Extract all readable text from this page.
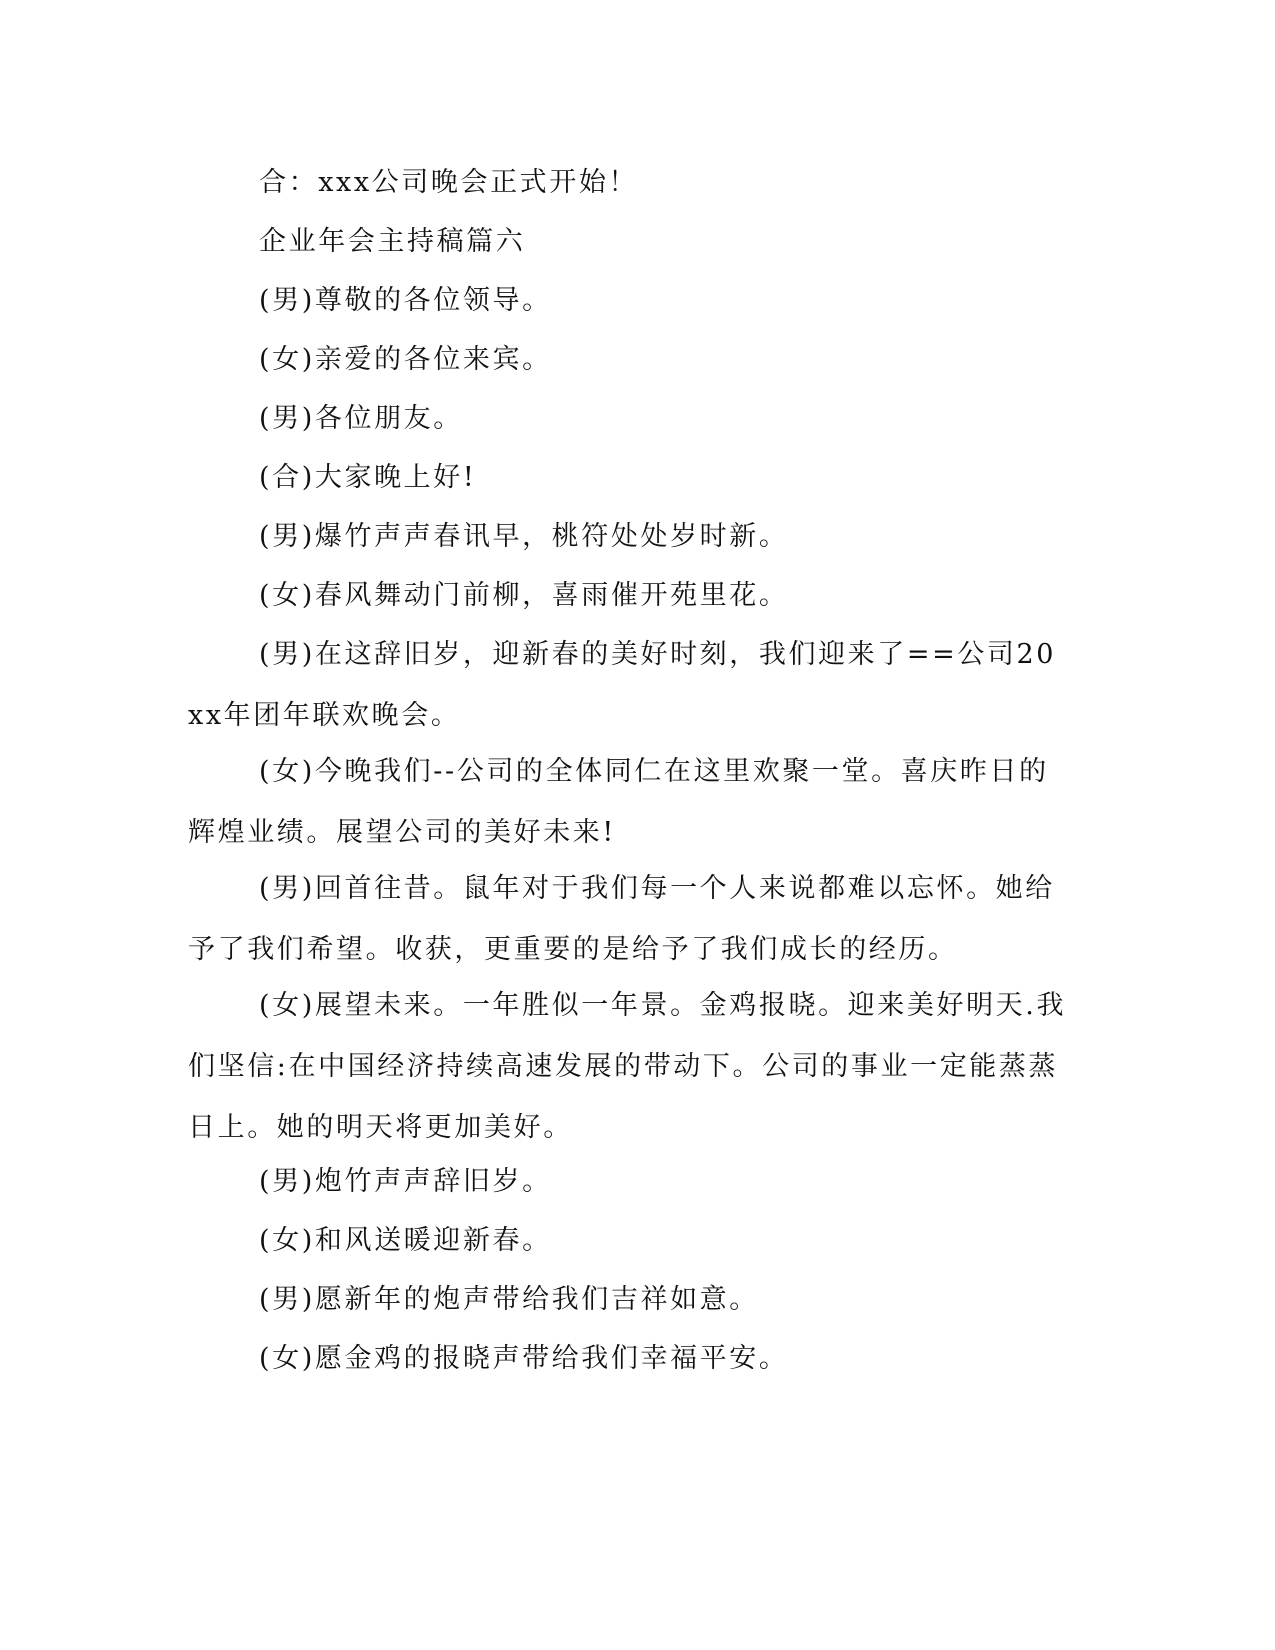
合：xxx公司晚会正式开始！

企业年会主持稿篇六

(男)尊敬的各位领导。

(女)亲爱的各位来宾。

(男)各位朋友。

(合)大家晚上好!

(男)爆竹声声春讯早，桃符处处岁时新。

(女)春风舞动门前柳，喜雨催开苑里花。

(男)在这辞旧岁，迎新春的美好时刻，我们迎来了==公司20xx年团年联欢晚会。

(女)今晚我们--公司的全体同仁在这里欢聚一堂。喜庆昨日的辉煌业绩。展望公司的美好未来!

(男)回首往昔。鼠年对于我们每一个人来说都难以忘怀。她给予了我们希望。收获，更重要的是给予了我们成长的经历。

(女)展望未来。一年胜似一年景。金鸡报晓。迎来美好明天.我们坚信:在中国经济持续高速发展的带动下。公司的事业一定能蒸蒸日上。她的明天将更加美好。

(男)炮竹声声辞旧岁。

(女)和风送暖迎新春。

(男)愿新年的炮声带给我们吉祥如意。

(女)愿金鸡的报晓声带给我们幸福平安。
